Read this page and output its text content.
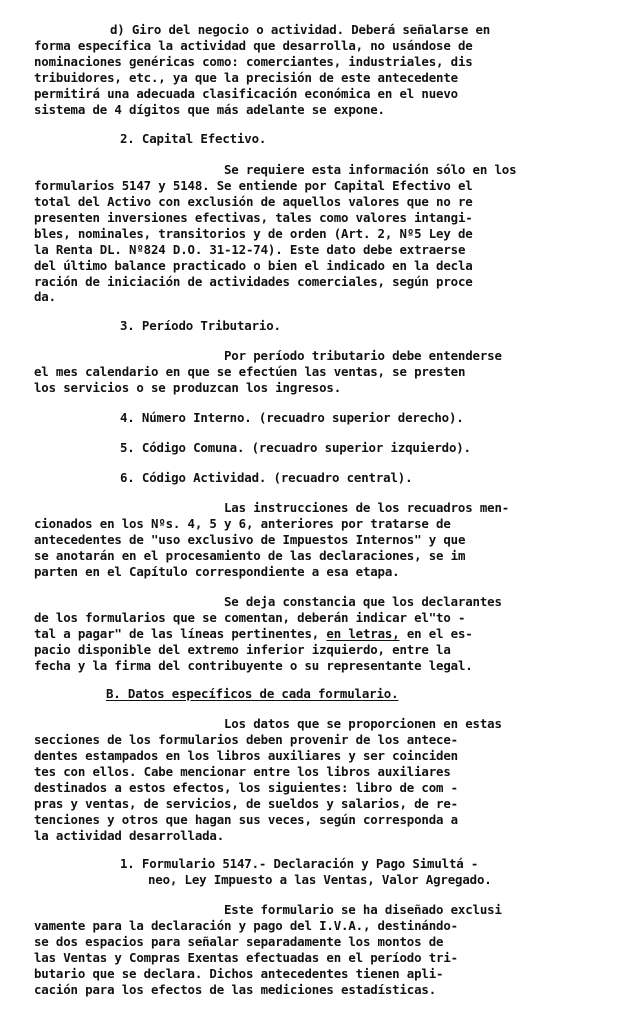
d) Giro del negocio o actividad. Deberá señalarse en
forma específica la actividad que desarrolla, no usándose de
nominaciones genéricas como: comerciantes, industriales, dis
tribuidores, etc., ya que la precisión de este antecedente
permitirá una adecuada clasificación económica en el nuevo
sistema de 4 dígitos que más adelante se expone.
2. Capital Efectivo.
Se requiere esta información sólo en los
formularios 5147 y 5148. Se entiende por Capital Efectivo el
total del Activo con exclusión de aquellos valores que no re
presenten inversiones efectivas, tales como valores intangi-
bles, nominales, transitorios y de orden (Art. 2, Nº5 Ley de
la Renta DL. Nº824 D.O. 31-12-74). Este dato debe extraerse
del último balance practicado o bien el indicado en la decla
ración de iniciación de actividades comerciales, según proce
da.
3. Período Tributario.
Por período tributario debe entenderse
el mes calendario en que se efectúen las ventas, se presten
los servicios o se produzcan los ingresos.
4. Número Interno. (recuadro superior derecho).
5. Código Comuna. (recuadro superior izquierdo).
6. Código Actividad. (recuadro central).
Las instrucciones de los recuadros men-
cionados en los Nºs. 4, 5 y 6, anteriores por tratarse de
antecedentes de "uso exclusivo de Impuestos Internos" y que
se anotarán en el procesamiento de las declaraciones, se im
parten en el Capítulo correspondiente a esa etapa.
Se deja constancia que los declarantes
de los formularios que se comentan, deberán indicar el"to -
tal a pagar" de las líneas pertinentes, en letras, en el es-
pacio disponible del extremo inferior izquierdo, entre la
fecha y la firma del contribuyente o su representante legal.
B. Datos específicos de cada formulario.
Los datos que se proporcionen en estas
secciones de los formularios deben provenir de los antece-
dentes estampados en los libros auxiliares y ser coinciden
tes con ellos. Cabe mencionar entre los libros auxiliares
destinados a estos efectos, los siguientes: libro de com -
pras y ventas, de servicios, de sueldos y salarios, de re-
tenciones y otros que hagan sus veces, según corresponda a
la actividad desarrollada.
1. Formulario 5147.- Declaración y Pago Simultá -
neo, Ley Impuesto a las Ventas, Valor Agregado.
Este formulario se ha diseñado exclusi
vamente para la declaración y pago del I.V.A., destinándo-
se dos espacios para señalar separadamente los montos de
las Ventas y Compras Exentas efectuadas en el período tri-
butario que se declara. Dichos antecedentes tienen apli-
cación para los efectos de las mediciones estadísticas.
